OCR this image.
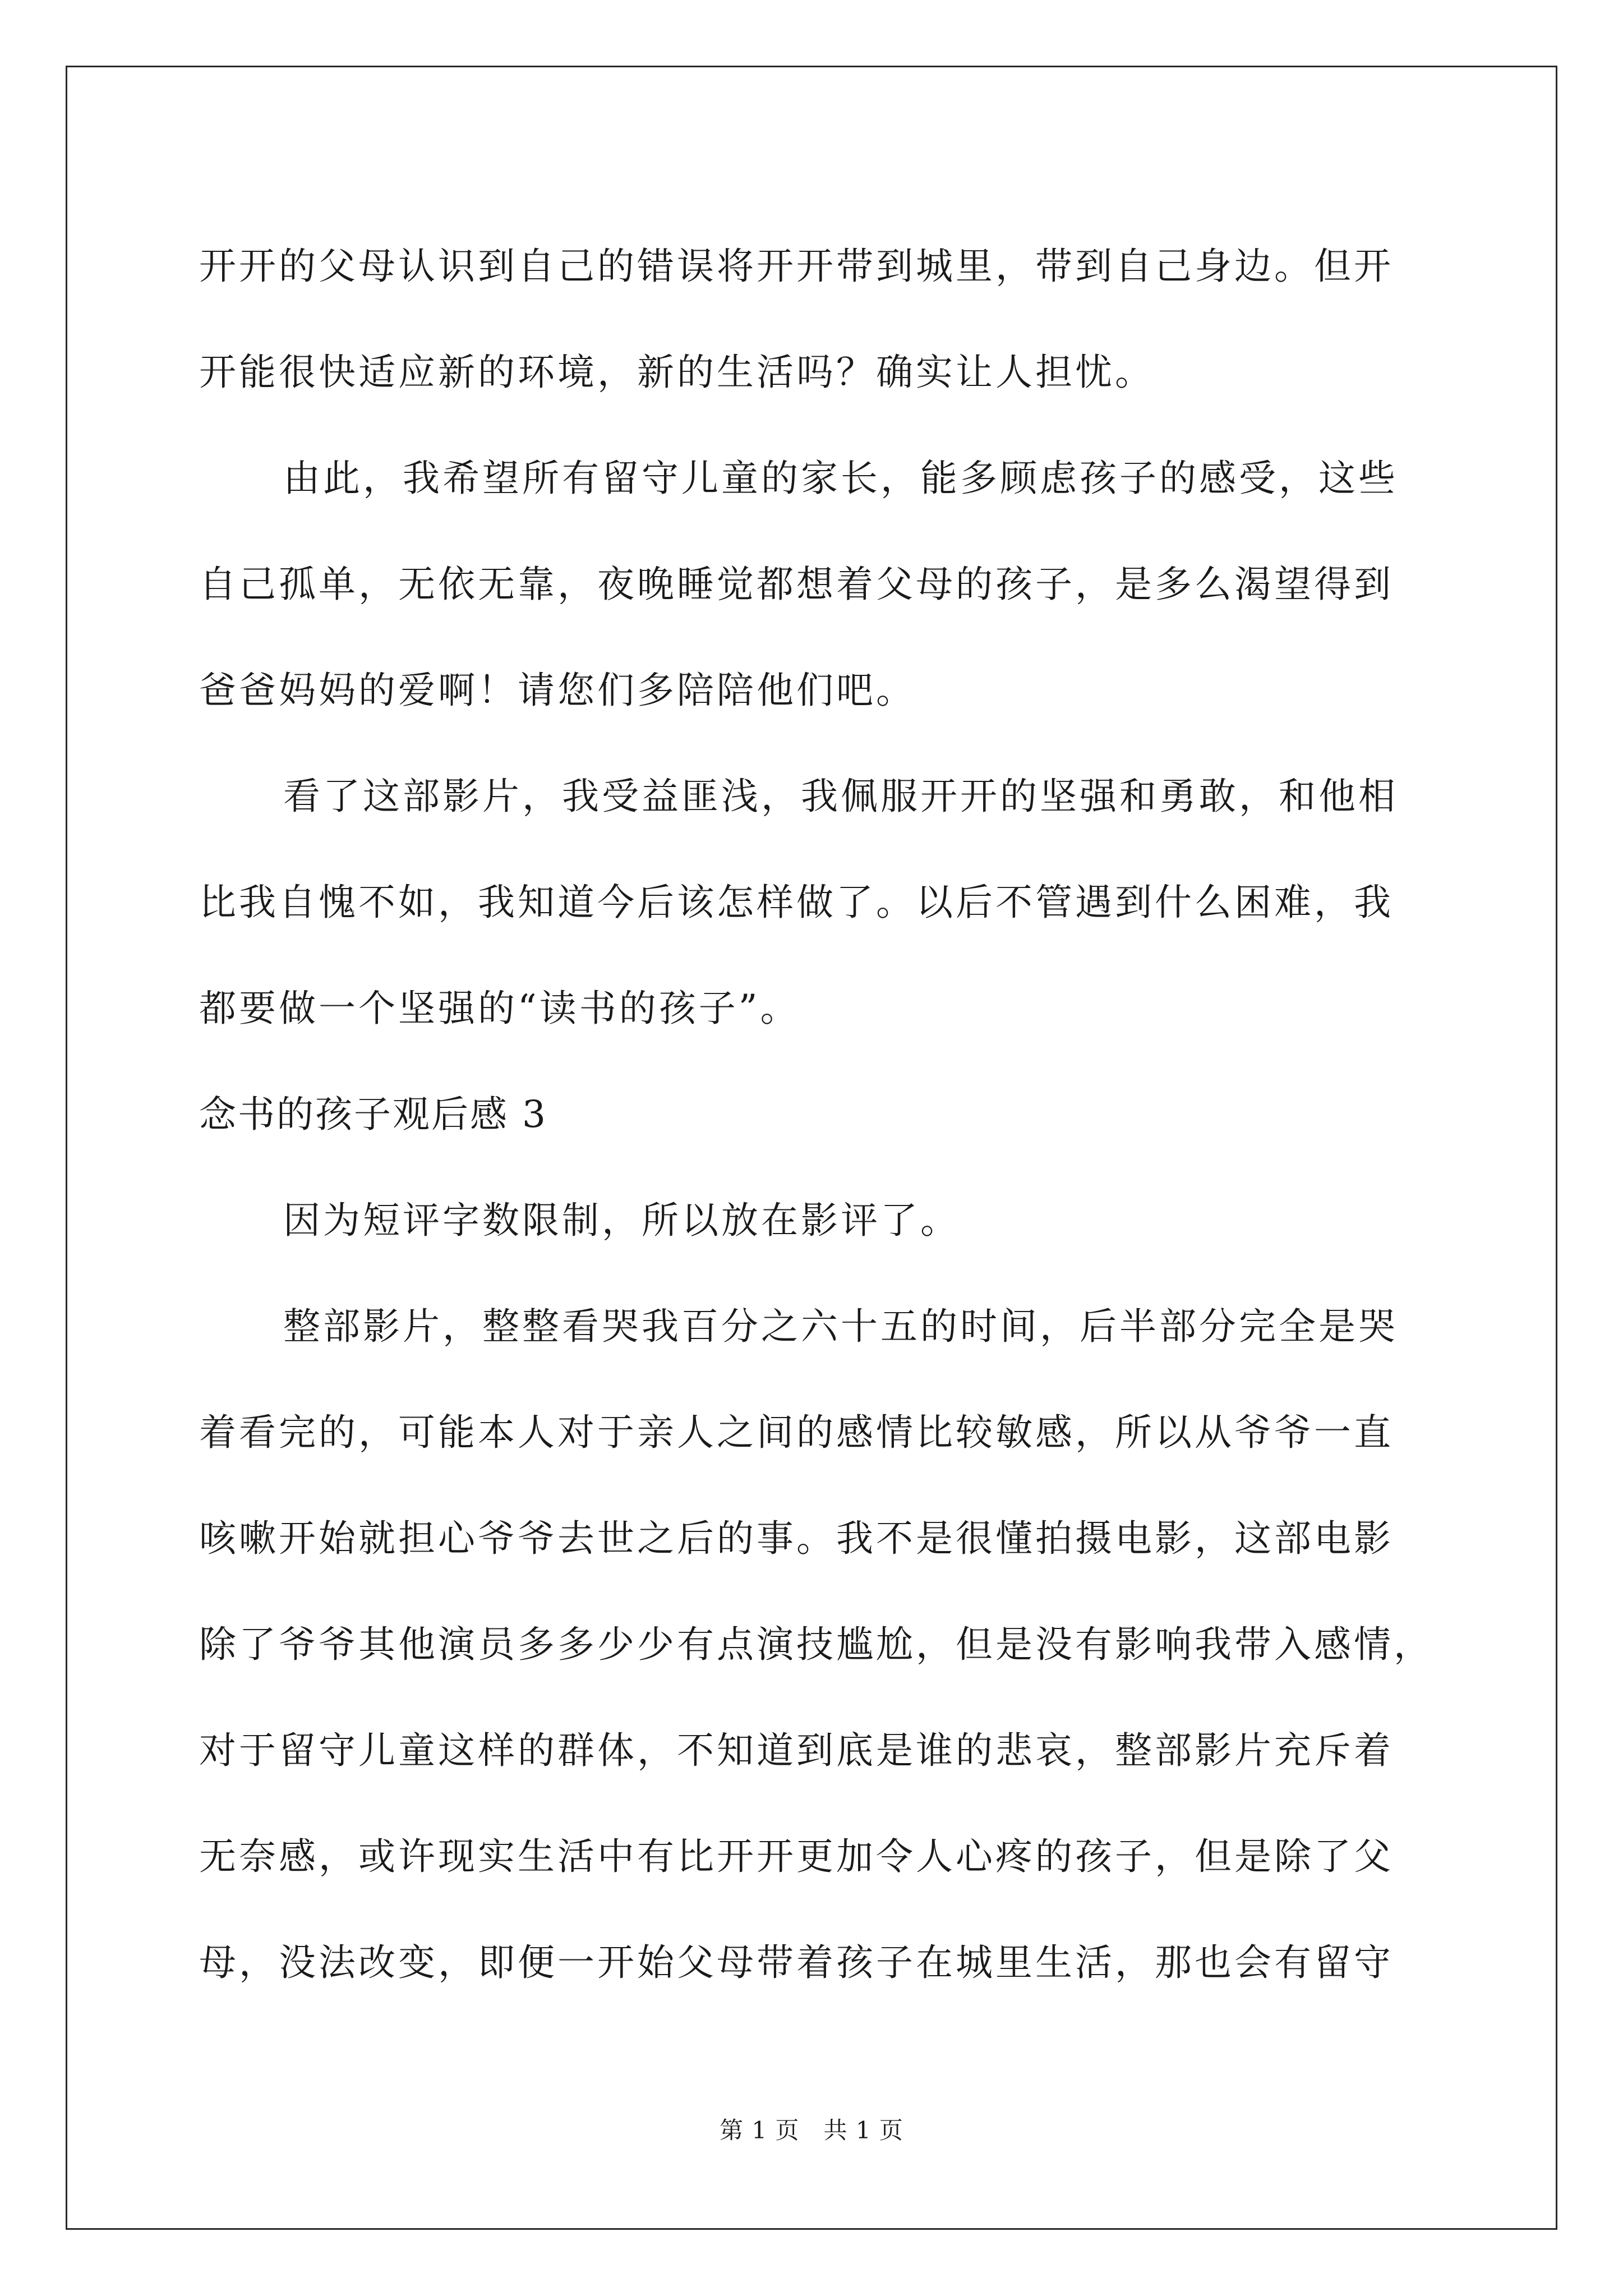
开开的父母认识到自己的错误将开开带到城里，带到自己身边。但开
开能很快适应新的环境，新的生活吗？确实让人担忧。
由此，我希望所有留守儿童的家长，能多顾虑孩子的感受，这些
自己孤单，无依无靠，夜晚睡觉都想着父母的孩子，是多么渴望得到
爸爸妈妈的爱啊！请您们多陪陪他们吧。
看了这部影片，我受益匪浅，我佩服开开的坚强和勇敢，和他相
比我自愧不如，我知道今后该怎样做了。以后不管遇到什么困难，我
都要做一个坚强的“读书的孩子”。
念书的孩子观后感 3
因为短评字数限制，所以放在影评了。
整部影片，整整看哭我百分之六十五的时间，后半部分完全是哭
着看完的，可能本人对于亲人之间的感情比较敏感，所以从爷爷一直
咳嗽开始就担心爷爷去世之后的事。我不是很懂拍摄电影，这部电影
除了爷爷其他演员多多少少有点演技尴尬，但是没有影响我带入感情，
对于留守儿童这样的群体，不知道到底是谁的悲哀，整部影片充斥着
无奈感，或许现实生活中有比开开更加令人心疼的孩子，但是除了父
母，没法改变，即便一开始父母带着孩子在城里生活，那也会有留守
第 1 页　共 1 页
